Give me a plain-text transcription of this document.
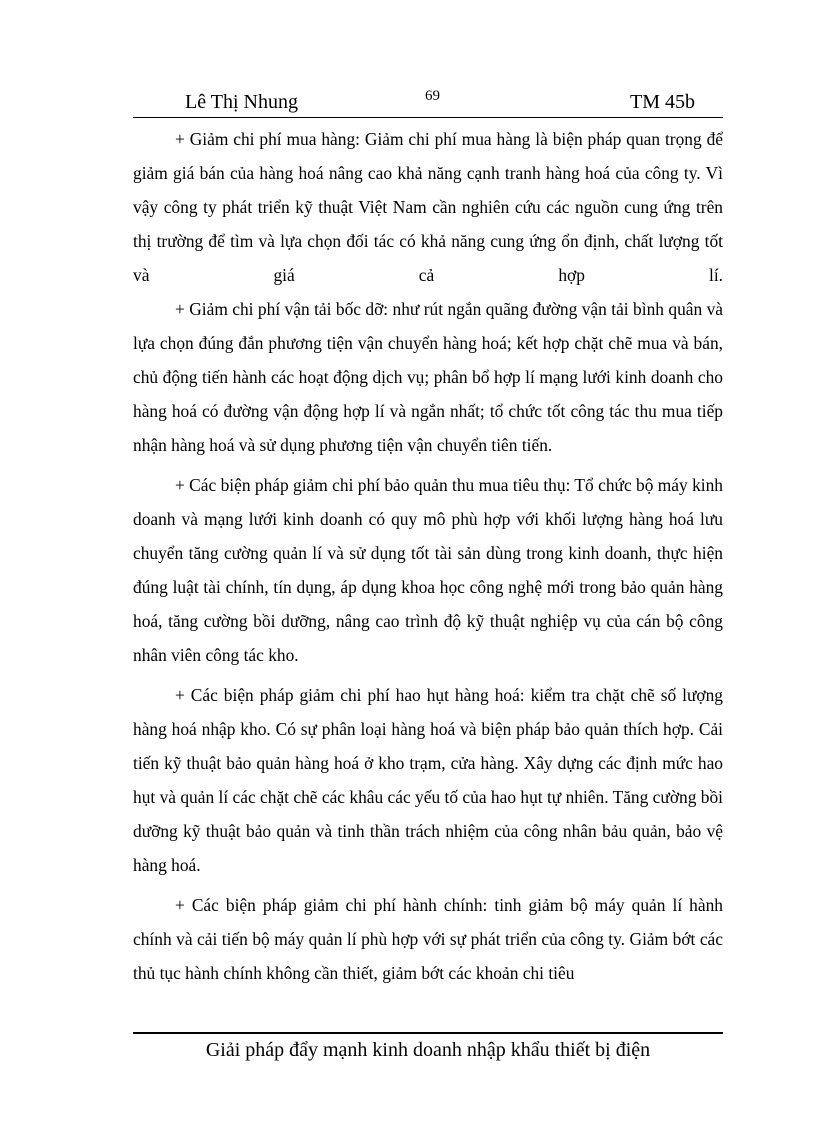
Lê Thị Nhung	69	TM 45b

+ Giảm chi phí mua hàng: Giảm chi phí mua hàng là biện pháp quan trọng để giảm giá bán của hàng hoá nâng cao khả năng cạnh tranh hàng hoá của công ty. Vì vậy công ty phát triển kỹ thuật Việt Nam cần nghiên cứu các nguồn cung ứng trên thị trường để tìm và lựa chọn đối tác có khả năng cung ứng ổn định, chất lượng tốt và giá cả hợp lí.

+ Giảm chi phí vận tải bốc dỡ: như rút ngắn quãng đường vận tải bình quân và lựa chọn đúng đắn phương tiện vận chuyển hàng hoá; kết hợp chặt chẽ mua và bán, chủ động tiến hành các hoạt động dịch vụ; phân bổ hợp lí mạng lưới kinh doanh cho hàng hoá có đường vận động hợp lí và ngắn nhất; tổ chức tốt công tác thu mua tiếp nhận hàng hoá và sử dụng phương tiện vận chuyển tiên tiến.

+ Các biện pháp giảm chi phí bảo quản thu mua tiêu thụ: Tổ chức bộ máy kinh doanh và mạng lưới kinh doanh có quy mô phù hợp với khối lượng hàng hoá lưu chuyển tăng cường quản lí và sử dụng tốt tài sản dùng trong kinh doanh, thực hiện đúng luật tài chính, tín dụng, áp dụng khoa học công nghệ mới trong bảo quản hàng hoá, tăng cường bồi dưỡng, nâng cao trình độ kỹ thuật nghiệp vụ của cán bộ công nhân viên công tác kho.

+ Các biện pháp giảm chi phí hao hụt hàng hoá: kiểm tra chặt chẽ số lượng hàng hoá nhập kho. Có sự phân loại hàng hoá và biện pháp bảo quản thích hợp. Cải tiến kỹ thuật bảo quản hàng hoá ở kho trạm, cửa hàng. Xây dựng các định mức hao hụt và quản lí các chặt chẽ các khâu các yếu tố của hao hụt tự nhiên. Tăng cường bồi dưỡng kỹ thuật bảo quản và tinh thần trách nhiệm của công nhân bảu quản, bảo vệ hàng hoá.

+ Các biện pháp giảm chi phí hành chính: tinh giảm bộ máy quản lí hành chính và cải tiến bộ máy quản lí phù hợp với sự phát triển của công ty. Giảm bớt các thủ tục hành chính không cần thiết, giảm bớt các khoản chi tiêu

Giải pháp đẩy mạnh kinh doanh nhập khẩu thiết bị điện
